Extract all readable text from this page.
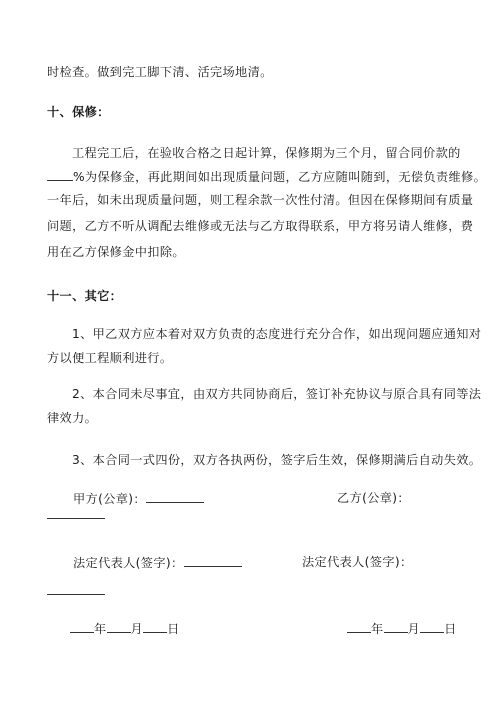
时检查。做到完工脚下清、活完场地清。
十、保修：
工程完工后，在验收合格之日起计算，保修期为三个月，留合同价款的
%为保修金，再此期间如出现质量问题，乙方应随叫随到，无偿负责维修。
一年后，如未出现质量问题，则工程余款一次性付清。但因在保修期间有质量
问题，乙方不听从调配去维修或无法与乙方取得联系，甲方将另请人维修，费
用在乙方保修金中扣除。
十一、其它：
1、甲乙双方应本着对双方负责的态度进行充分合作，如出现问题应通知对
方以便工程顺利进行。
2、本合同未尽事宜，由双方共同协商后，签订补充协议与原合具有同等法
律效力。
3、本合同一式四份，双方各执两份，签字后生效，保修期满后自动失效。
甲方(公章)：	乙方(公章)：
法定代表人(签字)：	法定代表人(签字)：
年 月 日	年 月 日
